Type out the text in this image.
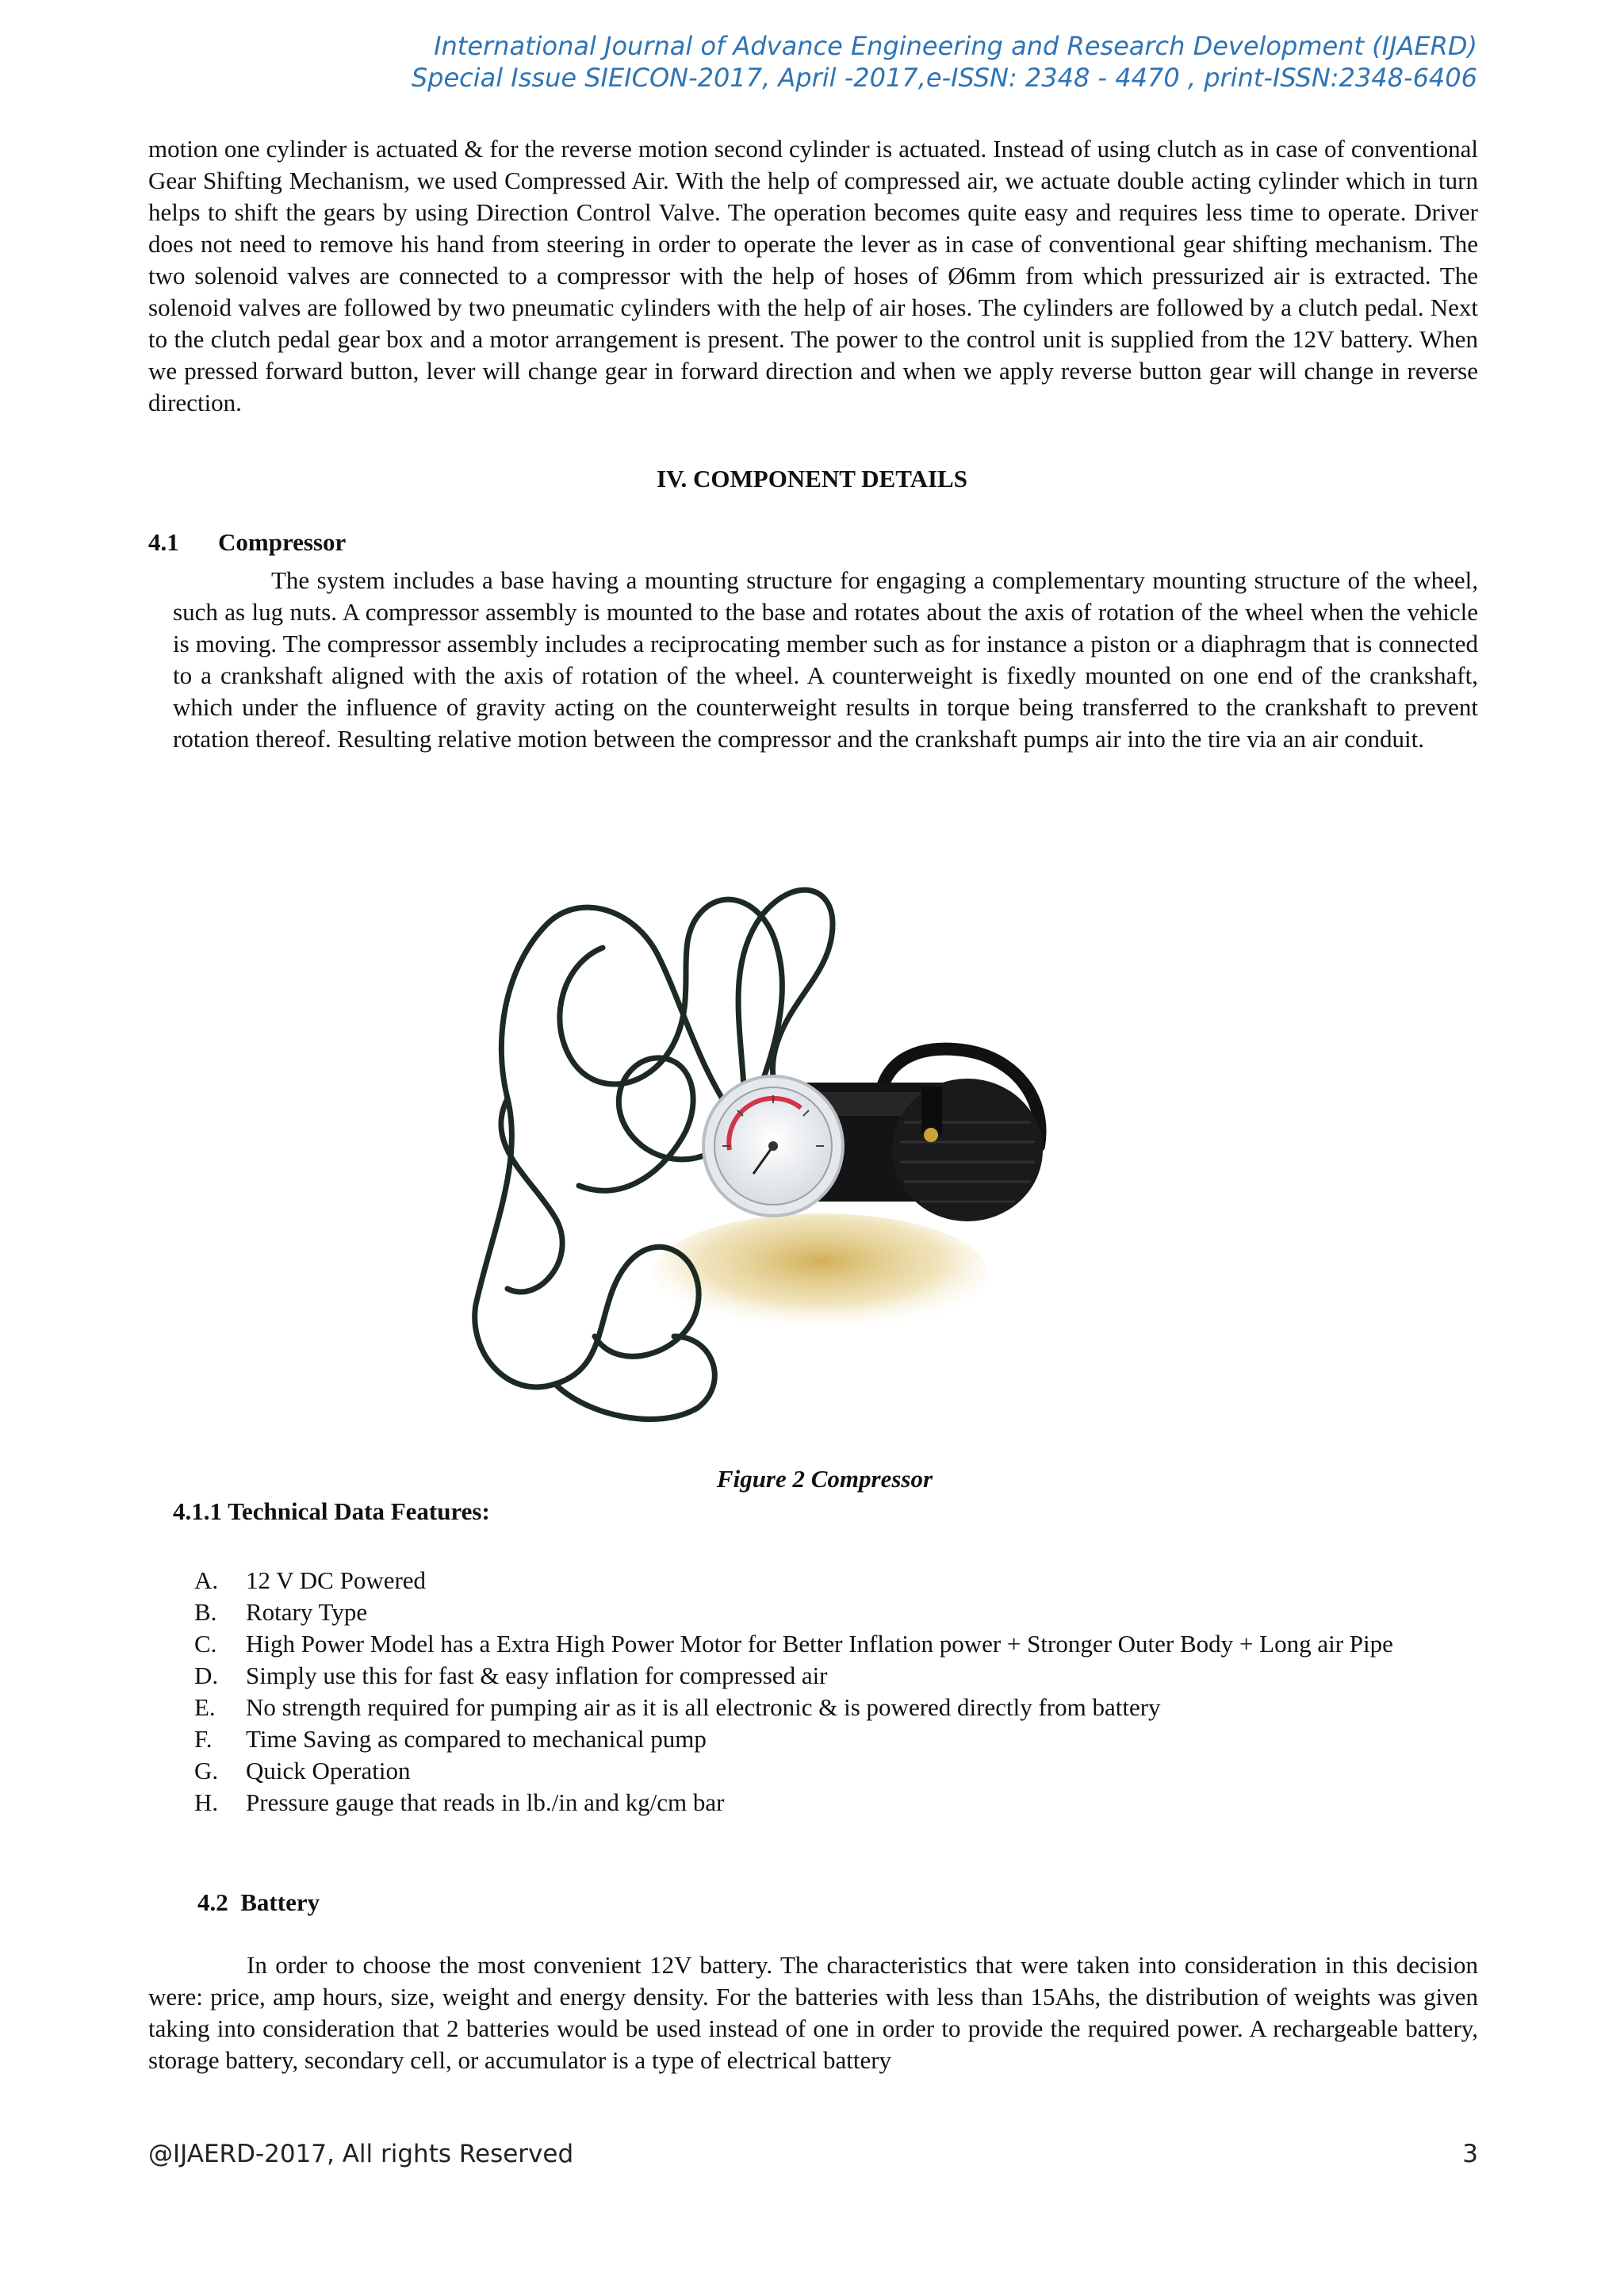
International Journal of Advance Engineering and Research Development (IJAERD)
Special Issue SIEICON-2017, April -2017,e-ISSN: 2348 - 4470 , print-ISSN:2348-6406

motion one cylinder is actuated & for the reverse motion second cylinder is actuated. Instead of using clutch as in case of conventional Gear Shifting Mechanism, we used Compressed Air. With the help of compressed air, we actuate double acting cylinder which in turn helps to shift the gears by using Direction Control Valve. The operation becomes quite easy and requires less time to operate. Driver does not need to remove his hand from steering in order to operate the lever as in case of conventional gear shifting mechanism. The two solenoid valves are connected to a compressor with the help of hoses of Ø6mm from which pressurized air is extracted. The solenoid valves are followed by two pneumatic cylinders with the help of air hoses. The cylinders are followed by a clutch pedal. Next to the clutch pedal gear box and a motor arrangement is present. The power to the control unit is supplied from the 12V battery. When we pressed forward button, lever will change gear in forward direction and when we apply reverse button gear will change in reverse direction.

IV. COMPONENT DETAILS
4.1 Compressor

The system includes a base having a mounting structure for engaging a complementary mounting structure of the wheel, such as lug nuts. A compressor assembly is mounted to the base and rotates about the axis of rotation of the wheel when the vehicle is moving. The compressor assembly includes a reciprocating member such as for instance a piston or a diaphragm that is connected to a crankshaft aligned with the axis of rotation of the wheel. A counterweight is fixedly mounted on one end of the crankshaft, which under the influence of gravity acting on the counterweight results in torque being transferred to the crankshaft to prevent rotation thereof. Resulting relative motion between the compressor and the crankshaft pumps air into the tire via an air conduit.

Figure 2 Compressor
4.1.1 Technical Data Features:
A.	12 V DC Powered
B.	Rotary Type
C.	High Power Model has a Extra High Power Motor for Better Inflation power + Stronger Outer Body + Long air Pipe
D.	Simply use this for fast & easy inflation for compressed air
E.	No strength required for pumping air as it is all electronic & is powered directly from battery
F.	Time Saving as compared to mechanical pump
G.	Quick Operation
H.	Pressure gauge that reads in lb./in and kg/cm bar
4.2  Battery

In order to choose the most convenient 12V battery. The characteristics that were taken into consideration in this decision were: price, amp hours, size, weight and energy density. For the batteries with less than 15Ahs, the distribution of weights was given taking into consideration that 2 batteries would be used instead of one in order to provide the required power. A rechargeable battery, storage battery, secondary cell, or accumulator is a type of electrical battery

@IJAERD-2017, All rights Reserved	3
